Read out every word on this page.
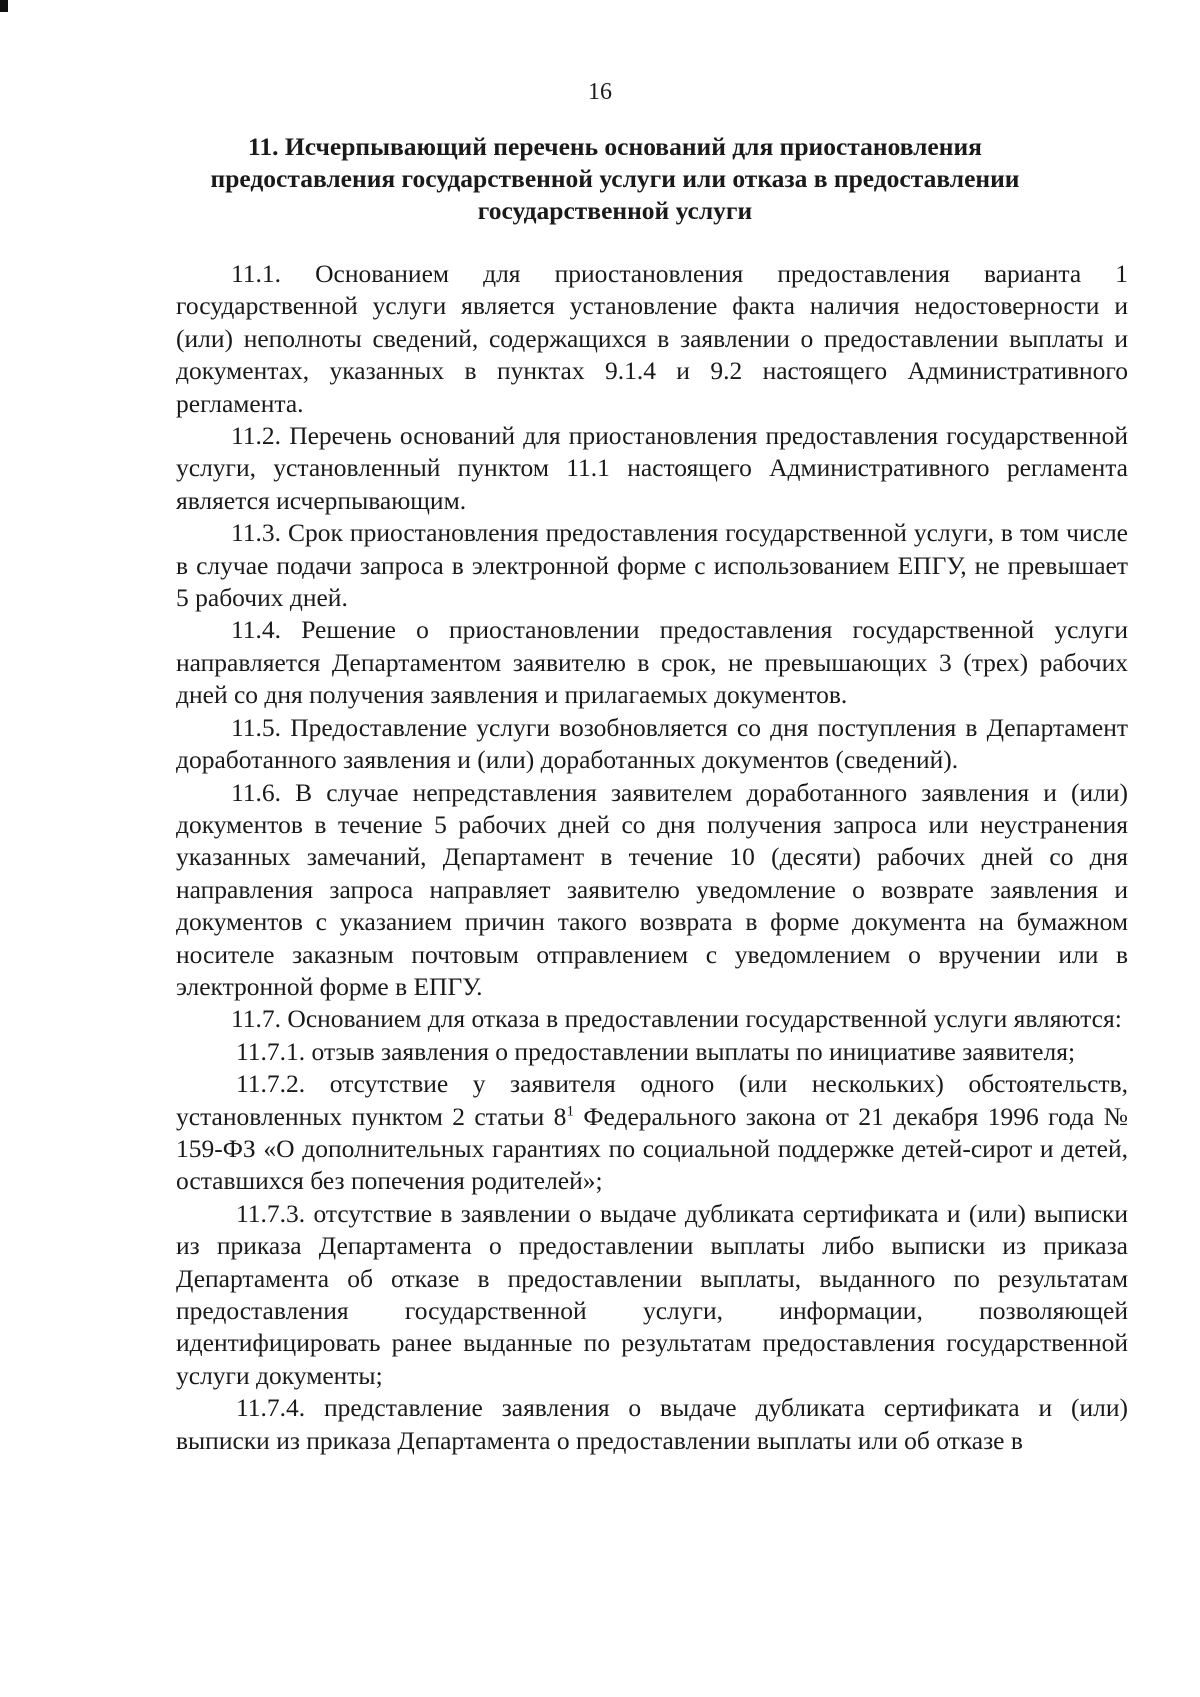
16
11. Исчерпывающий перечень оснований для приостановления
предоставления государственной услуги или отказа в предоставлении
государственной услуги

11.1. Основанием для приостановления предоставления варианта 1 государственной услуги является установление факта наличия недостоверности и (или) неполноты сведений, содержащихся в заявлении о предоставлении выплаты и документах, указанных в пунктах 9.1.4 и 9.2 настоящего Административного регламента.

11.2. Перечень оснований для приостановления предоставления государственной услуги, установленный пунктом 11.1 настоящего Административного регламента является исчерпывающим.

11.3. Срок приостановления предоставления государственной услуги, в том числе в случае подачи запроса в электронной форме с использованием ЕПГУ, не превышает 5 рабочих дней.

11.4. Решение о приостановлении предоставления государственной услуги направляется Департаментом заявителю в срок, не превышающих 3 (трех) рабочих дней со дня получения заявления и прилагаемых документов.

11.5. Предоставление услуги возобновляется со дня поступления в Департамент доработанного заявления и (или) доработанных документов (сведений).

11.6. В случае непредставления заявителем доработанного заявления и (или) документов в течение 5 рабочих дней со дня получения запроса или неустранения указанных замечаний, Департамент в течение 10 (десяти) рабочих дней со дня направления запроса направляет заявителю уведомление о возврате заявления и документов с указанием причин такого возврата в форме документа на бумажном носителе заказным почтовым отправлением с уведомлением о вручении или в электронной форме в ЕПГУ.

11.7. Основанием для отказа в предоставлении государственной услуги являются:

11.7.1. отзыв заявления о предоставлении выплаты по инициативе заявителя;

11.7.2. отсутствие у заявителя одного (или нескольких) обстоятельств, установленных пунктом 2 статьи $8^1$ Федерального закона от 21 декабря 1996 года № 159-ФЗ «О дополнительных гарантиях по социальной поддержке детей-сирот и детей, оставшихся без попечения родителей»;

11.7.3. отсутствие в заявлении о выдаче дубликата сертификата и (или) выписки из приказа Департамента о предоставлении выплаты либо выписки из приказа Департамента об отказе в предоставлении выплаты, выданного по результатам предоставления государственной услуги, информации, позволяющей идентифицировать ранее выданные по результатам предоставления государственной услуги документы;

11.7.4. представление заявления о выдаче дубликата сертификата и (или) выписки из приказа Департамента о предоставлении выплаты или об отказе в
